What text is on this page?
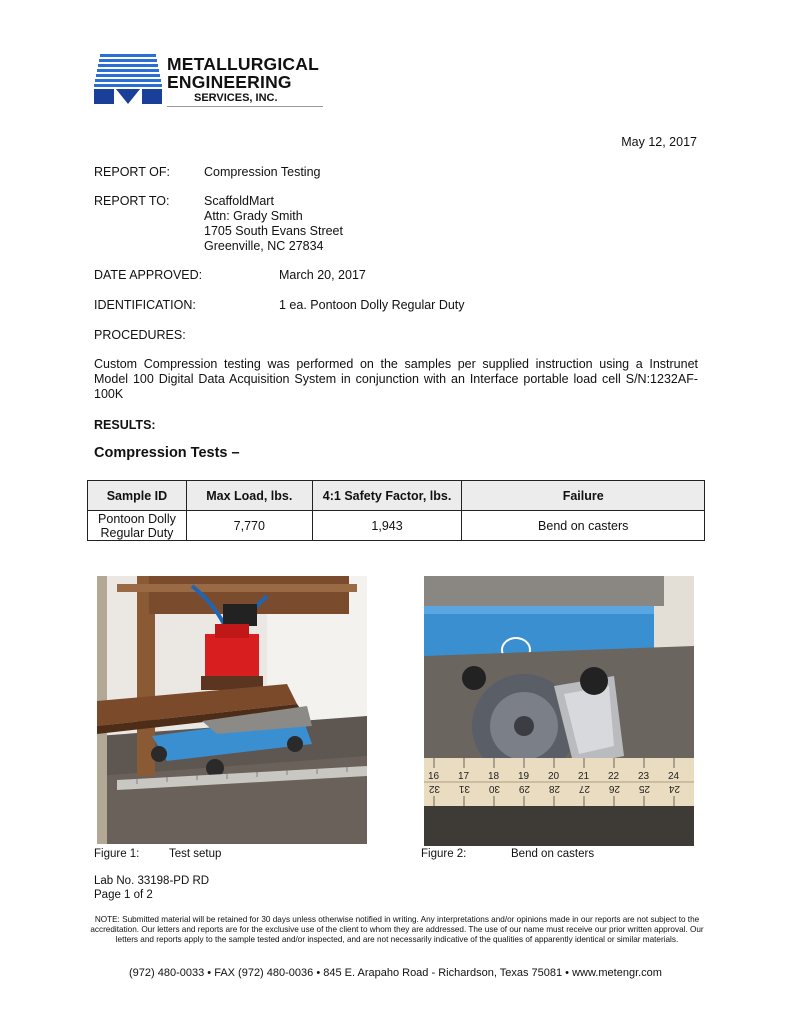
METALLURGICAL
ENGINEERING
SERVICES, INC.
May 12, 2017
REPORT OF:	Compression Testing
REPORT TO:	ScaffoldMart
Attn: Grady Smith
1705 South Evans Street
Greenville, NC 27834
DATE APPROVED:	March 20, 2017
IDENTIFICATION:	1 ea. Pontoon Dolly Regular Duty
PROCEDURES:
Custom Compression testing was performed on the samples per supplied instruction using a Instrunet
Model 100 Digital Data Acquisition System in conjunction with an Interface portable load cell S/N:1232AF-
100K
RESULTS:
Compression Tests –
Sample ID	Max Load, lbs.	4:1 Safety Factor, lbs.	Failure
Pontoon Dolly Regular Duty	7,770	1,943	Bend on casters
16 17 18 19 20 21 22 23 24
32 31 30 29 28 27 26 25 24
Figure 1:	Test setup	Figure 2:	Bend on casters
Lab No. 33198-PD RD
Page 1 of 2
NOTE: Submitted material will be retained for 30 days unless otherwise notified in writing. Any interpretations and/or opinions made in our reports are not subject to the accreditation. Our letters and reports are for the exclusive use of the client to whom they are addressed. The use of our name must receive our prior written approval. Our letters and reports apply to the sample tested and/or inspected, and are not necessarily indicative of the qualities of apparently identical or similar materials.
(972) 480-0033 • FAX (972) 480-0036 • 845 E. Arapaho Road - Richardson, Texas 75081 • www.metengr.com
